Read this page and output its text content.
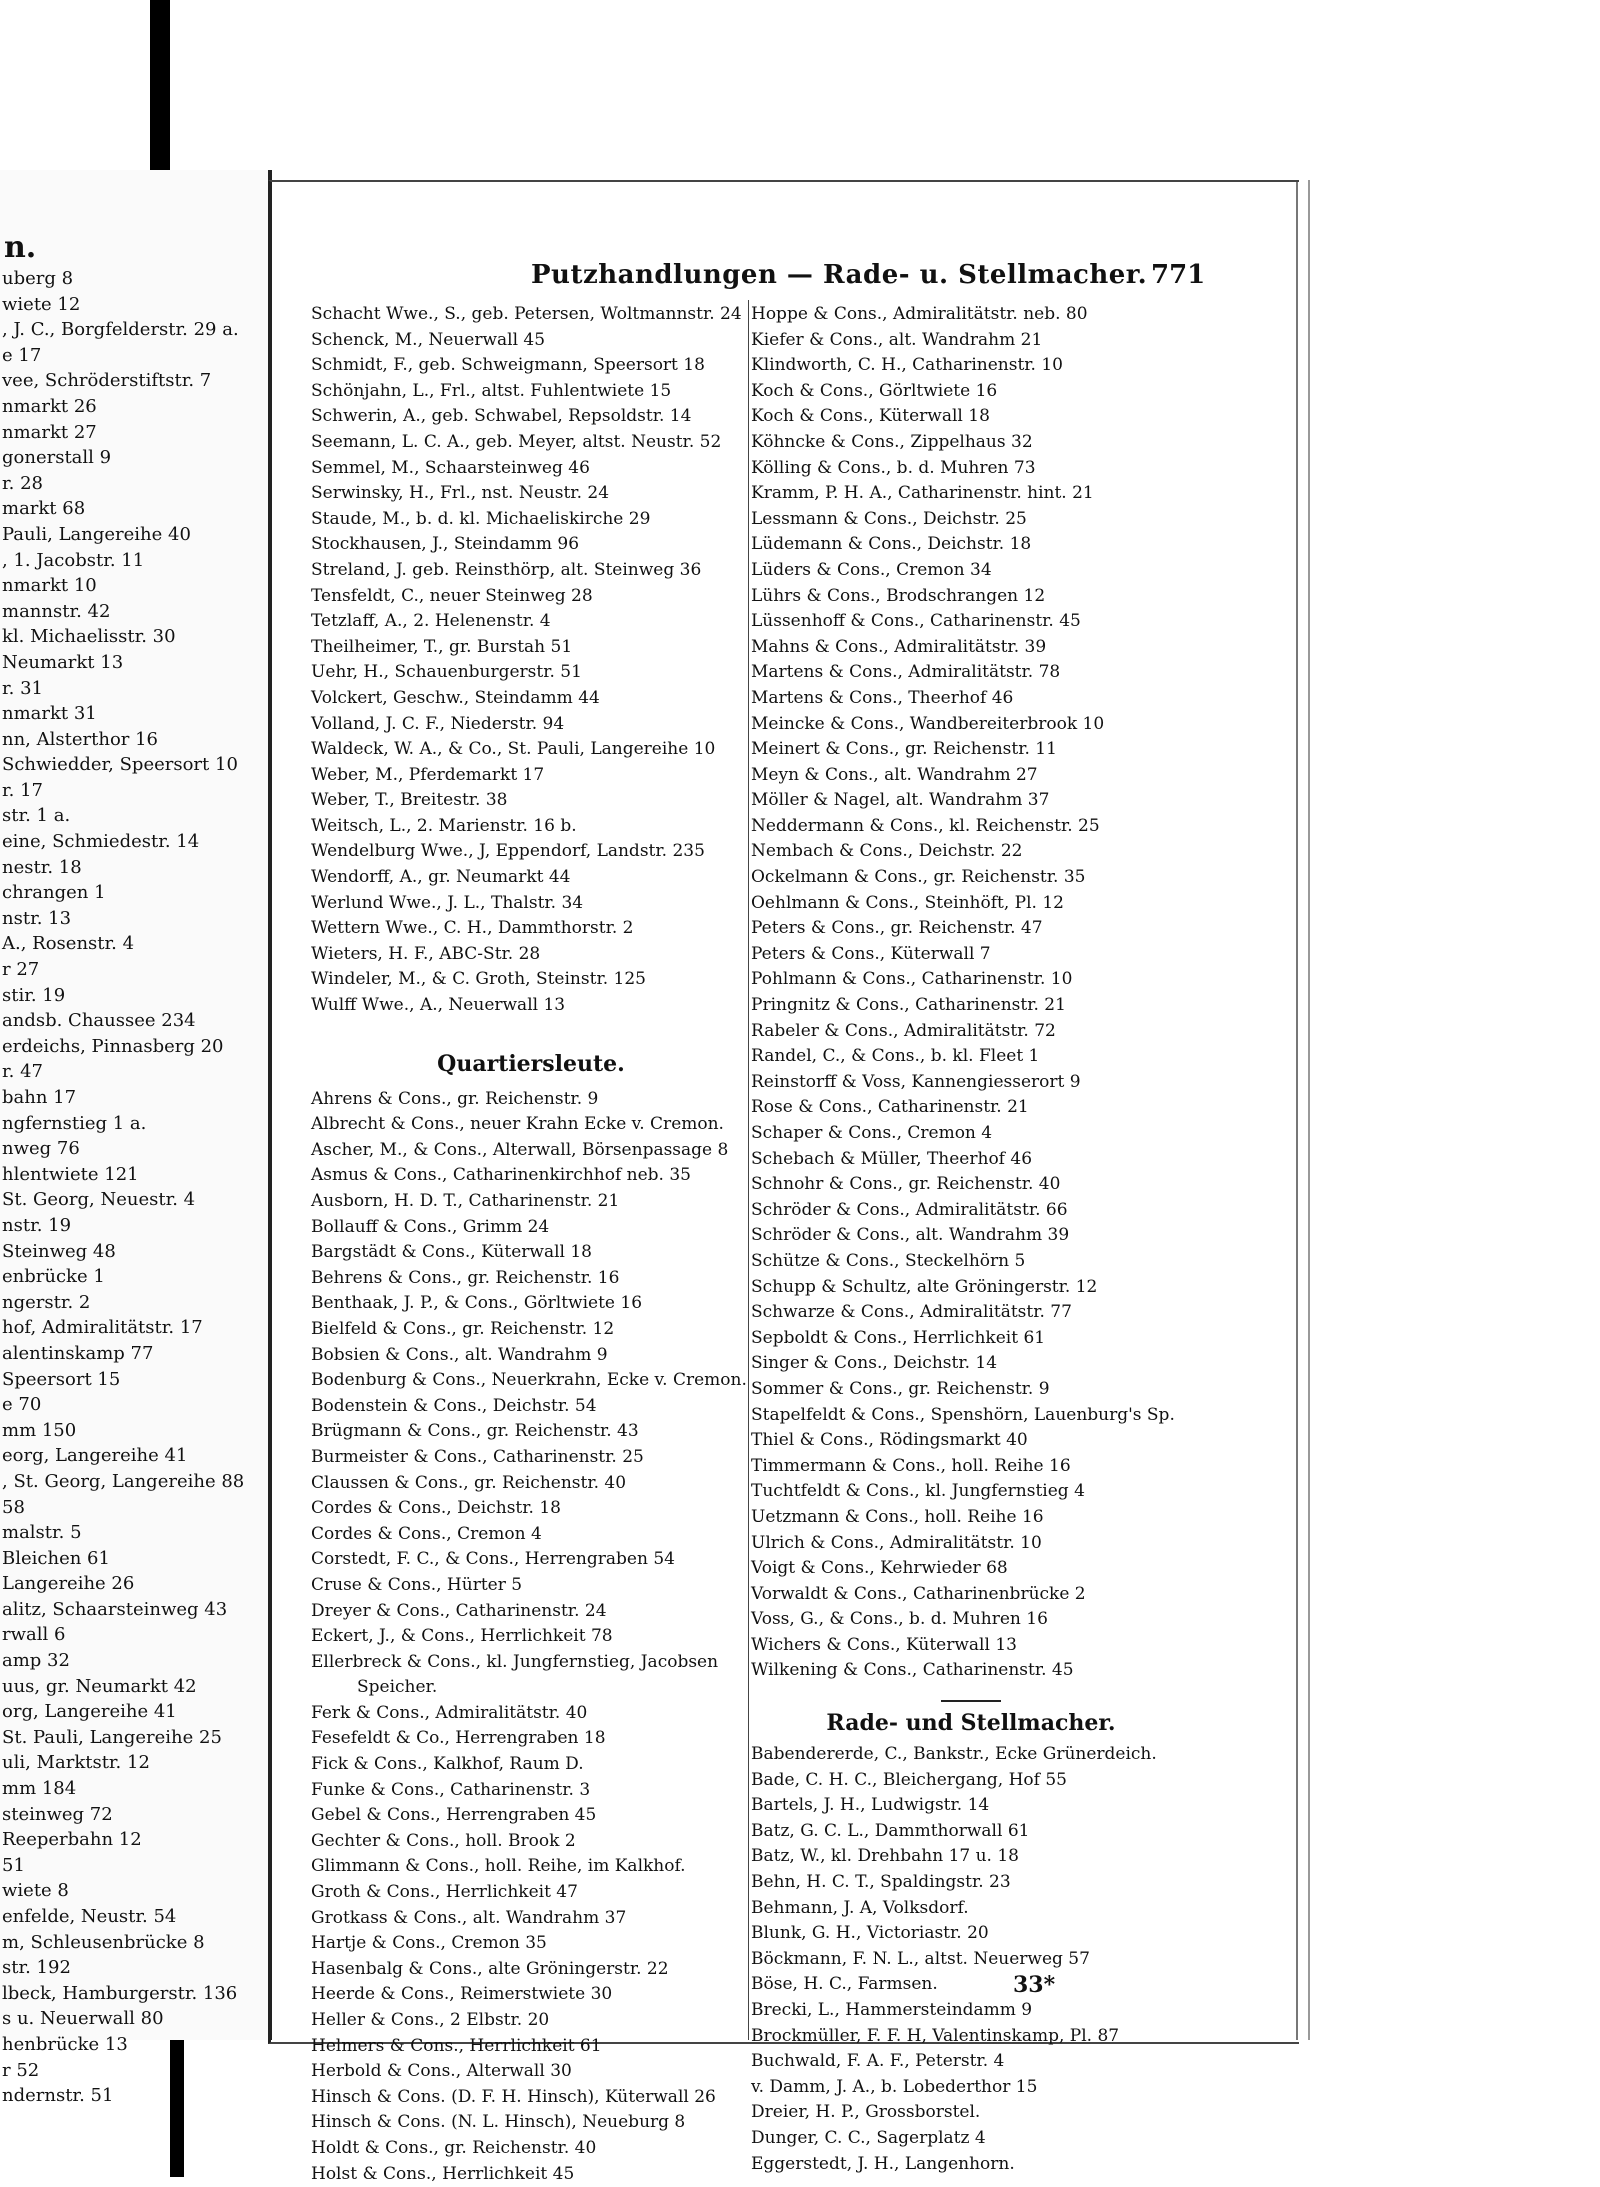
n.
uberg 8
wiete 12
, J. C., Borgfelderstr. 29 a.
e 17
vee, Schröderstiftstr. 7
nmarkt 26
nmarkt 27
gonerstall 9
r. 28
markt 68
Pauli, Langereihe 40
, 1. Jacobstr. 11
nmarkt 10
mannstr. 42
kl. Michaelisstr. 30
Neumarkt 13
r. 31
nmarkt 31
nn, Alsterthor 16
Schwiedder, Speersort 10
r. 17
str. 1 a.
eine, Schmiedestr. 14
nestr. 18
chrangen 1
nstr. 13
A., Rosenstr. 4
r 27
stir. 19
andsb. Chaussee 234
erdeichs, Pinnasberg 20
r. 47
bahn 17
ngfernstieg 1 a.
nweg 76
hlentwiete 121
St. Georg, Neuestr. 4
nstr. 19
Steinweg 48
enbrücke 1
ngerstr. 2
hof, Admiralitätstr. 17
alentinskamp 77
Speersort 15
e 70
mm 150
eorg, Langereihe 41
, St. Georg, Langereihe 88
58
malstr. 5
Bleichen 61
Langereihe 26
alitz, Schaarsteinweg 43
rwall 6
amp 32
uus, gr. Neumarkt 42
org, Langereihe 41
St. Pauli, Langereihe 25
uli, Marktstr. 12
mm 184
steinweg 72
Reeperbahn 12
51
wiete 8
enfelde, Neustr. 54
m, Schleusenbrücke 8
str. 192
lbeck, Hamburgerstr. 136
s u. Neuerwall 80
henbrücke 13
r 52
ndernstr. 51
Putzhandlungen — Rade- u. Stellmacher. 771
Schacht Wwe., S., geb. Petersen, Woltmannstr. 24
Schenck, M., Neuerwall 45
Schmidt, F., geb. Schweigmann, Speersort 18
Schönjahn, L., Frl., altst. Fuhlentwiete 15
Schwerin, A., geb. Schwabel, Repsoldstr. 14
Seemann, L. C. A., geb. Meyer, altst. Neustr. 52
Semmel, M., Schaarsteinweg 46
Serwinsky, H., Frl., nst. Neustr. 24
Staude, M., b. d. kl. Michaeliskirche 29
Stockhausen, J., Steindamm 96
Streland, J. geb. Reinsthörp, alt. Steinweg 36
Tensfeldt, C., neuer Steinweg 28
Tetzlaff, A., 2. Helenenstr. 4
Theilheimer, T., gr. Burstah 51
Uehr, H., Schauenburgerstr. 51
Volckert, Geschw., Steindamm 44
Volland, J. C. F., Niederstr. 94
Waldeck, W. A., & Co., St. Pauli, Langereihe 10
Weber, M., Pferdemarkt 17
Weber, T., Breitestr. 38
Weitsch, L., 2. Marienstr. 16 b.
Wendelburg Wwe., J, Eppendorf, Landstr. 235
Wendorff, A., gr. Neumarkt 44
Werlund Wwe., J. L., Thalstr. 34
Wettern Wwe., C. H., Dammthorstr. 2
Wieters, H. F., ABC-Str. 28
Windeler, M., & C. Groth, Steinstr. 125
Wulff Wwe., A., Neuerwall 13
Quartiersleute.
Ahrens & Cons., gr. Reichenstr. 9
Albrecht & Cons., neuer Krahn Ecke v. Cremon.
Ascher, M., & Cons., Alterwall, Börsenpassage 8
Asmus & Cons., Catharinenkirchhof neb. 35
Ausborn, H. D. T., Catharinenstr. 21
Bollauff & Cons., Grimm 24
Bargstädt & Cons., Küterwall 18
Behrens & Cons., gr. Reichenstr. 16
Benthaak, J. P., & Cons., Görltwiete 16
Bielfeld & Cons., gr. Reichenstr. 12
Bobsien & Cons., alt. Wandrahm 9
Bodenburg & Cons., Neuerkrahn, Ecke v. Cremon.
Bodenstein & Cons., Deichstr. 54
Brügmann & Cons., gr. Reichenstr. 43
Burmeister & Cons., Catharinenstr. 25
Claussen & Cons., gr. Reichenstr. 40
Cordes & Cons., Deichstr. 18
Cordes & Cons., Cremon 4
Corstedt, F. C., & Cons., Herrengraben 54
Cruse & Cons., Hürter 5
Dreyer & Cons., Catharinenstr. 24
Eckert, J., & Cons., Herrlichkeit 78
Ellerbreck & Cons., kl. Jungfernstieg, Jacobsen
Speicher.
Ferk & Cons., Admiralitätstr. 40
Fesefeldt & Co., Herrengraben 18
Fick & Cons., Kalkhof, Raum D.
Funke & Cons., Catharinenstr. 3
Gebel & Cons., Herrengraben 45
Gechter & Cons., holl. Brook 2
Glimmann & Cons., holl. Reihe, im Kalkhof.
Groth & Cons., Herrlichkeit 47
Grotkass & Cons., alt. Wandrahm 37
Hartje & Cons., Cremon 35
Hasenbalg & Cons., alte Gröningerstr. 22
Heerde & Cons., Reimerstwiete 30
Heller & Cons., 2 Elbstr. 20
Helmers & Cons., Herrlichkeit 61
Herbold & Cons., Alterwall 30
Hinsch & Cons. (D. F. H. Hinsch), Küterwall 26
Hinsch & Cons. (N. L. Hinsch), Neueburg 8
Holdt & Cons., gr. Reichenstr. 40
Holst & Cons., Herrlichkeit 45
Hoppe & Cons., Admiralitätstr. neb. 80
Kiefer & Cons., alt. Wandrahm 21
Klindworth, C. H., Catharinenstr. 10
Koch & Cons., Görltwiete 16
Koch & Cons., Küterwall 18
Köhncke & Cons., Zippelhaus 32
Kölling & Cons., b. d. Muhren 73
Kramm, P. H. A., Catharinenstr. hint. 21
Lessmann & Cons., Deichstr. 25
Lüdemann & Cons., Deichstr. 18
Lüders & Cons., Cremon 34
Lührs & Cons., Brodschrangen 12
Lüssenhoff & Cons., Catharinenstr. 45
Mahns & Cons., Admiralitätstr. 39
Martens & Cons., Admiralitätstr. 78
Martens & Cons., Theerhof 46
Meincke & Cons., Wandbereiterbrook 10
Meinert & Cons., gr. Reichenstr. 11
Meyn & Cons., alt. Wandrahm 27
Möller & Nagel, alt. Wandrahm 37
Neddermann & Cons., kl. Reichenstr. 25
Nembach & Cons., Deichstr. 22
Ockelmann & Cons., gr. Reichenstr. 35
Oehlmann & Cons., Steinhöft, Pl. 12
Peters & Cons., gr. Reichenstr. 47
Peters & Cons., Küterwall 7
Pohlmann & Cons., Catharinenstr. 10
Pringnitz & Cons., Catharinenstr. 21
Rabeler & Cons., Admiralitätstr. 72
Randel, C., & Cons., b. kl. Fleet 1
Reinstorff & Voss, Kannengiesserort 9
Rose & Cons., Catharinenstr. 21
Schaper & Cons., Cremon 4
Schebach & Müller, Theerhof 46
Schnohr & Cons., gr. Reichenstr. 40
Schröder & Cons., Admiralitätstr. 66
Schröder & Cons., alt. Wandrahm 39
Schütze & Cons., Steckelhörn 5
Schupp & Schultz, alte Gröningerstr. 12
Schwarze & Cons., Admiralitätstr. 77
Sepboldt & Cons., Herrlichkeit 61
Singer & Cons., Deichstr. 14
Sommer & Cons., gr. Reichenstr. 9
Stapelfeldt & Cons., Spenshörn, Lauenburg's Sp.
Thiel & Cons., Rödingsmarkt 40
Timmermann & Cons., holl. Reihe 16
Tuchtfeldt & Cons., kl. Jungfernstieg 4
Uetzmann & Cons., holl. Reihe 16
Ulrich & Cons., Admiralitätstr. 10
Voigt & Cons., Kehrwieder 68
Vorwaldt & Cons., Catharinenbrücke 2
Voss, G., & Cons., b. d. Muhren 16
Wichers & Cons., Küterwall 13
Wilkening & Cons., Catharinenstr. 45
Rade- und Stellmacher.
Babendererde, C., Bankstr., Ecke Grünerdeich.
Bade, C. H. C., Bleichergang, Hof 55
Bartels, J. H., Ludwigstr. 14
Batz, G. C. L., Dammthorwall 61
Batz, W., kl. Drehbahn 17 u. 18
Behn, H. C. T., Spaldingstr. 23
Behmann, J. A, Volksdorf.
Blunk, G. H., Victoriastr. 20
Böckmann, F. N. L., altst. Neuerweg 57
Böse, H. C., Farmsen.
Brecki, L., Hammersteindamm 9
Brockmüller, F. F. H, Valentinskamp, Pl. 87
Buchwald, F. A. F., Peterstr. 4
v. Damm, J. A., b. Lobederthor 15
Dreier, H. P., Grossborstel.
Dunger, C. C., Sagerplatz 4
Eggerstedt, J. H., Langenhorn.
33*
